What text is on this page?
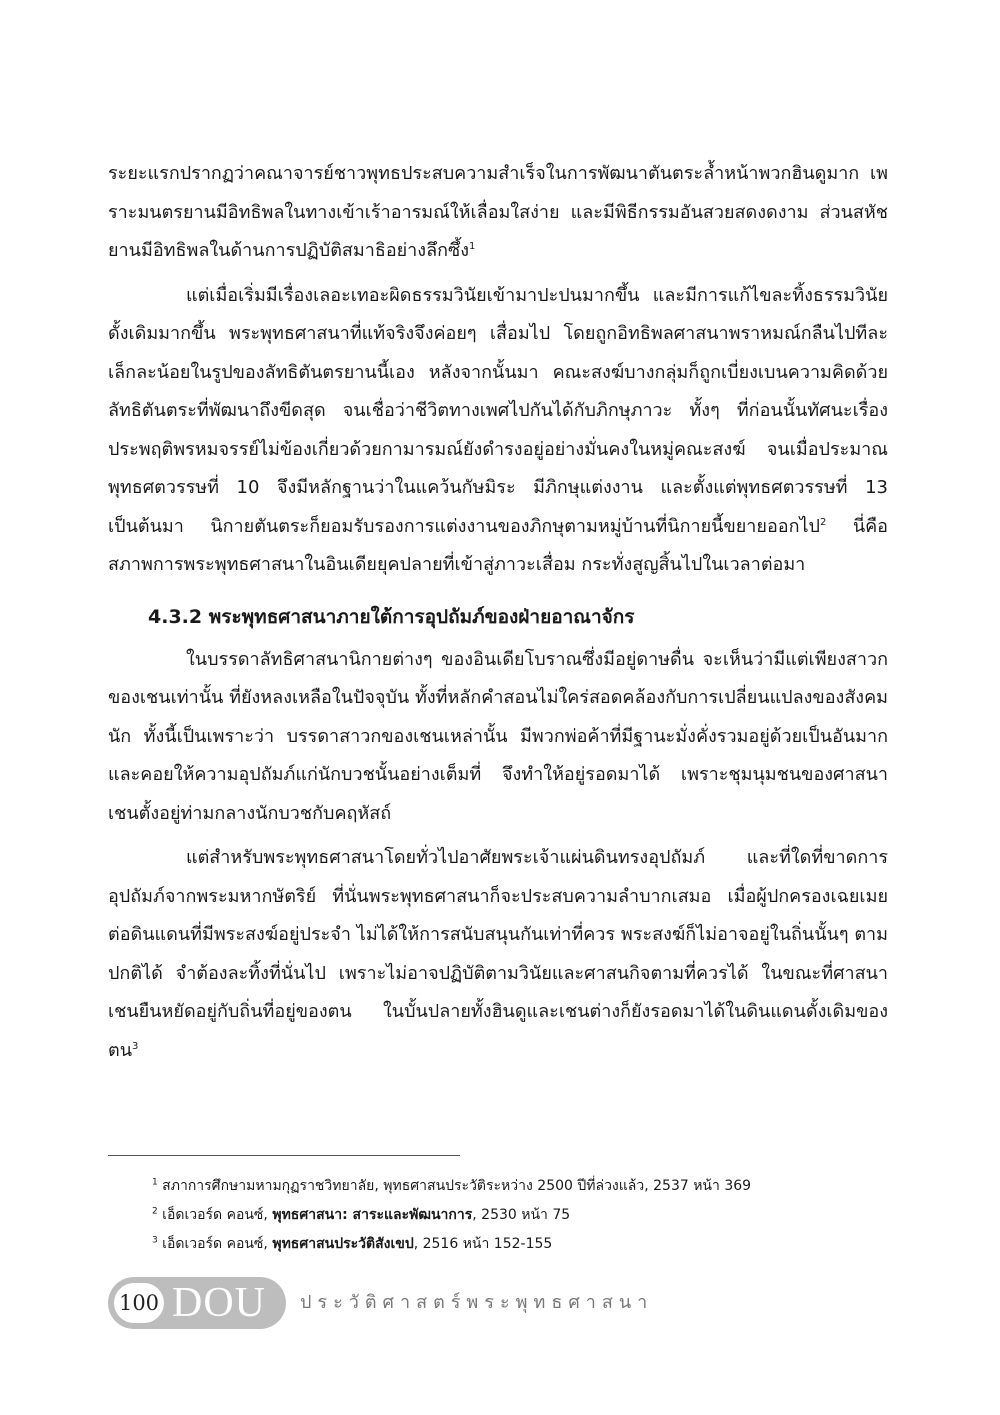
ระยะแรกปรากฏว่าคณาจารย์ชาวพุทธประสบความสำเร็จในการพัฒนาตันตระล้ำหน้าพวกฮินดูมาก เพราะมนตรยานมีอิทธิพลในทางเข้าเร้าอารมณ์ให้เลื่อมใสง่าย และมีพิธีกรรมอันสวยสดงดงาม ส่วนสหัชยานมีอิทธิพลในด้านการปฏิบัติสมาธิอย่างลึกซึ้ง$^1$

แต่เมื่อเริ่มมีเรื่องเลอะเทอะผิดธรรมวินัยเข้ามาปะปนมากขึ้น และมีการแก้ไขละทิ้งธรรมวินัยดั้งเดิมมากขึ้น พระพุทธศาสนาที่แท้จริงจึงค่อยๆ เสื่อมไป โดยถูกอิทธิพลศาสนาพราหมณ์กลืนไปทีละเล็กละน้อยในรูปของลัทธิตันตรยานนี้เอง หลังจากนั้นมา คณะสงฆ์บางกลุ่มก็ถูกเบี่ยงเบนความคิดด้วยลัทธิตันตระที่พัฒนาถึงขีดสุด จนเชื่อว่าชีวิตทางเพศไปกันได้กับภิกษุภาวะ ทั้งๆ ที่ก่อนนั้นทัศนะเรื่องประพฤติพรหมจรรย์ไม่ข้องเกี่ยวด้วยกามารมณ์ยังดำรงอยู่อย่างมั่นคงในหมู่คณะสงฆ์ จนเมื่อประมาณพุทธศตวรรษที่ 10 จึงมีหลักฐานว่าในแคว้นกัษมิระ มีภิกษุแต่งงาน และตั้งแต่พุทธศตวรรษที่ 13 เป็นต้นมา นิกายตันตระก็ยอมรับรองการแต่งงานของภิกษุตามหมู่บ้านที่นิกายนี้ขยายออกไป$^2$ นี่คือสภาพการพระพุทธศาสนาในอินเดียยุคปลายที่เข้าสู่ภาวะเสื่อม กระทั่งสูญสิ้นไปในเวลาต่อมา

4.3.2 พระพุทธศาสนาภายใต้การอุปถัมภ์ของฝ่ายอาณาจักร

ในบรรดาลัทธิศาสนานิกายต่างๆ ของอินเดียโบราณซึ่งมีอยู่ดาษดื่น จะเห็นว่ามีแต่เพียงสาวกของเชนเท่านั้น ที่ยังหลงเหลือในปัจจุบัน ทั้งที่หลักคำสอนไม่ใคร่สอดคล้องกับการเปลี่ยนแปลงของสังคมนัก ทั้งนี้เป็นเพราะว่า บรรดาสาวกของเชนเหล่านั้น มีพวกพ่อค้าที่มีฐานะมั่งคั่งรวมอยู่ด้วยเป็นอันมาก และคอยให้ความอุปถัมภ์แก่นักบวชนั้นอย่างเต็มที่ จึงทำให้อยู่รอดมาได้ เพราะชุมนุมชนของศาสนาเชนตั้งอยู่ท่ามกลางนักบวชกับคฤหัสถ์

แต่สำหรับพระพุทธศาสนาโดยทั่วไปอาศัยพระเจ้าแผ่นดินทรงอุปถัมภ์ และที่ใดที่ขาดการอุปถัมภ์จากพระมหากษัตริย์ ที่นั่นพระพุทธศาสนาก็จะประสบความลำบากเสมอ เมื่อผู้ปกครองเฉยเมยต่อดินแดนที่มีพระสงฆ์อยู่ประจำ ไม่ได้ให้การสนับสนุนกันเท่าที่ควร พระสงฆ์ก็ไม่อาจอยู่ในถิ่นนั้นๆ ตามปกติได้ จำต้องละทิ้งที่นั่นไป เพราะไม่อาจปฏิบัติตามวินัยและศาสนกิจตามที่ควรได้ ในขณะที่ศาสนาเชนยืนหยัดอยู่กับถิ่นที่อยู่ของตน ในบั้นปลายทั้งฮินดูและเชนต่างก็ยังรอดมาได้ในดินแดนดั้งเดิมของตน$^3$

$^1$ สภาการศึกษามหามกุฏราชวิทยาลัย, พุทธศาสนประวัติระหว่าง 2500 ปีที่ล่วงแล้ว, 2537 หน้า 369
$^2$ เอ็ดเวอร์ด คอนซ์, พุทธศาสนา: สาระและพัฒนาการ, 2530 หน้า 75
$^3$ เอ็ดเวอร์ด คอนซ์, พุทธศาสนประวัติสังเขป, 2516 หน้า 152-155
100 DOU ประวัติศาสตร์พระพุทธศาสนา
